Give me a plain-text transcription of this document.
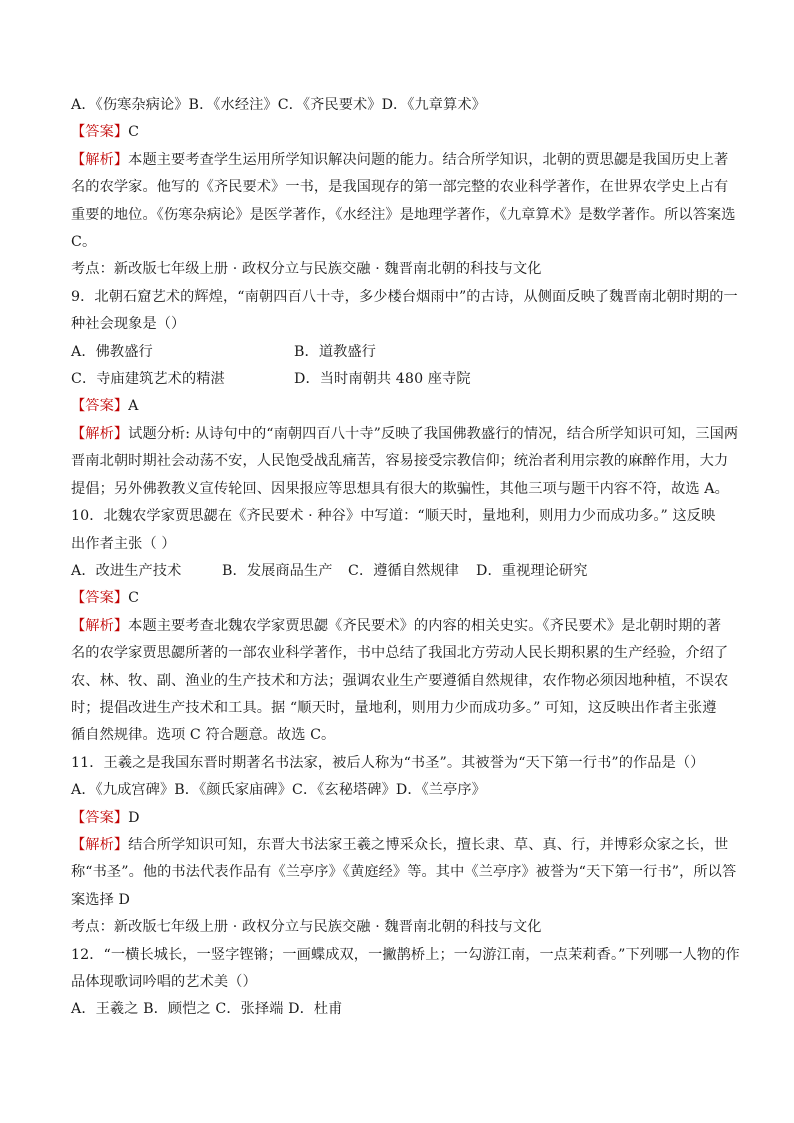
A．《伤寒杂病论》B．《水经注》C．《齐民要术》D．《九章算术》
【答案】C
【解析】本题主要考查学生运用所学知识解决问题的能力。结合所学知识，北朝的贾思勰是我国历史上著
名的农学家。他写的《齐民要术》一书，是我国现存的第一部完整的农业科学著作，在世界农学史上占有
重要的地位。《伤寒杂病论》是医学著作，《水经注》是地理学著作，《九章算术》是数学著作。所以答案选
C。
考点：新改版七年级上册 · 政权分立与民族交融 · 魏晋南北朝的科技与文化
9．北朝石窟艺术的辉煌，“南朝四百八十寺，多少楼台烟雨中”的古诗，从侧面反映了魏晋南北朝时期的一
种社会现象是（）
A．佛教盛行	B．道教盛行
C．寺庙建筑艺术的精湛	D．当时南朝共 480 座寺院
【答案】A
【解析】试题分析: 从诗句中的“南朝四百八十寺”反映了我国佛教盛行的情况，结合所学知识可知，三国两
晋南北朝时期社会动荡不安，人民饱受战乱痛苦，容易接受宗教信仰；统治者利用宗教的麻醉作用，大力
提倡；另外佛教教义宣传轮回、因果报应等思想具有很大的欺骗性，其他三项与题干内容不符，故选 A。
10．北魏农学家贾思勰在《齐民要术 · 种谷》中写道：“顺天时，量地利，则用力少而成功多。” 这反映
出作者主张（ ）
A．改进生产技术	B．发展商品生产	C．遵循自然规律	D．重视理论研究
【答案】C
【解析】本题主要考查北魏农学家贾思勰《齐民要术》的内容的相关史实。《齐民要术》是北朝时期的著
名的农学家贾思勰所著的一部农业科学著作，书中总结了我国北方劳动人民长期积累的生产经验，介绍了
农、林、牧、副、渔业的生产技术和方法；强调农业生产要遵循自然规律，农作物必须因地种植，不误农
时；提倡改进生产技术和工具。据 “顺天时，量地利，则用力少而成功多。” 可知，这反映出作者主张遵
循自然规律。选项 C 符合题意。故选 C。
11．王羲之是我国东晋时期著名书法家，被后人称为“书圣”。其被誉为“天下第一行书”的作品是（）
A．《九成宫碑》B．《颜氏家庙碑》C．《玄秘塔碑》D．《兰亭序》
【答案】D
【解析】结合所学知识可知，东晋大书法家王羲之博采众长，擅长隶、草、真、行，并博彩众家之长，世
称“书圣”。他的书法代表作品有《兰亭序》《黄庭经》等。其中《兰亭序》被誉为“天下第一行书”，所以答
案选择 D
考点：新改版七年级上册 · 政权分立与民族交融 · 魏晋南北朝的科技与文化
12．“一横长城长，一竖字铿锵；一画蝶成双，一撇鹊桥上；一勾游江南，一点茉莉香。”下列哪一人物的作
品体现歌词吟唱的艺术美（）
A．王羲之 B．顾恺之 C．张择端 D．杜甫
